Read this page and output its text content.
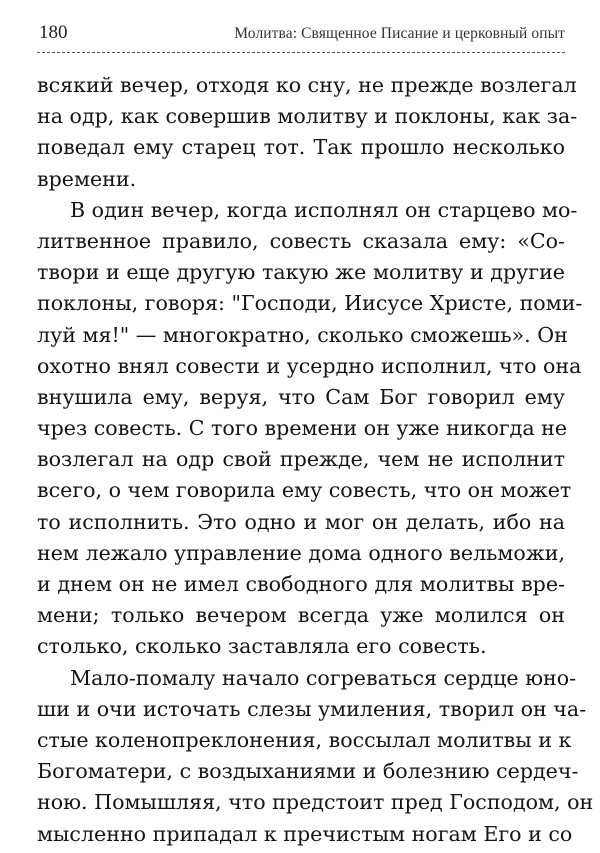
180	Молитва: Священное Писание и церковный опыт
всякий вечер, отходя ко сну, не прежде возлегал
на одр, как совершив молитву и поклоны, как за-
поведал ему старец тот. Так прошло несколько
времени.
В один вечер, когда исполнял он старцево мо-
литвенное правило, совесть сказала ему: «Со-
твори и еще другую такую же молитву и другие
поклоны, говоря: "Господи, Иисусе Христе, поми-
луй мя!" — многократно, сколько сможешь». Он
охотно внял совести и усердно исполнил, что она
внушила ему, веруя, что Сам Бог говорил ему
чрез совесть. С того времени он уже никогда не
возлегал на одр свой прежде, чем не исполнит
всего, о чем говорила ему совесть, что он может
то исполнить. Это одно и мог он делать, ибо на
нем лежало управление дома одного вельможи,
и днем он не имел свободного для молитвы вре-
мени; только вечером всегда уже молился он
столько, сколько заставляла его совесть.
Мало-помалу начало согреваться сердце юно-
ши и очи источать слезы умиления, творил он ча-
стые коленопреклонения, воссылал молитвы и к
Богоматери, с воздыханиями и болезнию сердеч-
ною. Помышляя, что предстоит пред Господом, он
мысленно припадал к пречистым ногам Его и со
